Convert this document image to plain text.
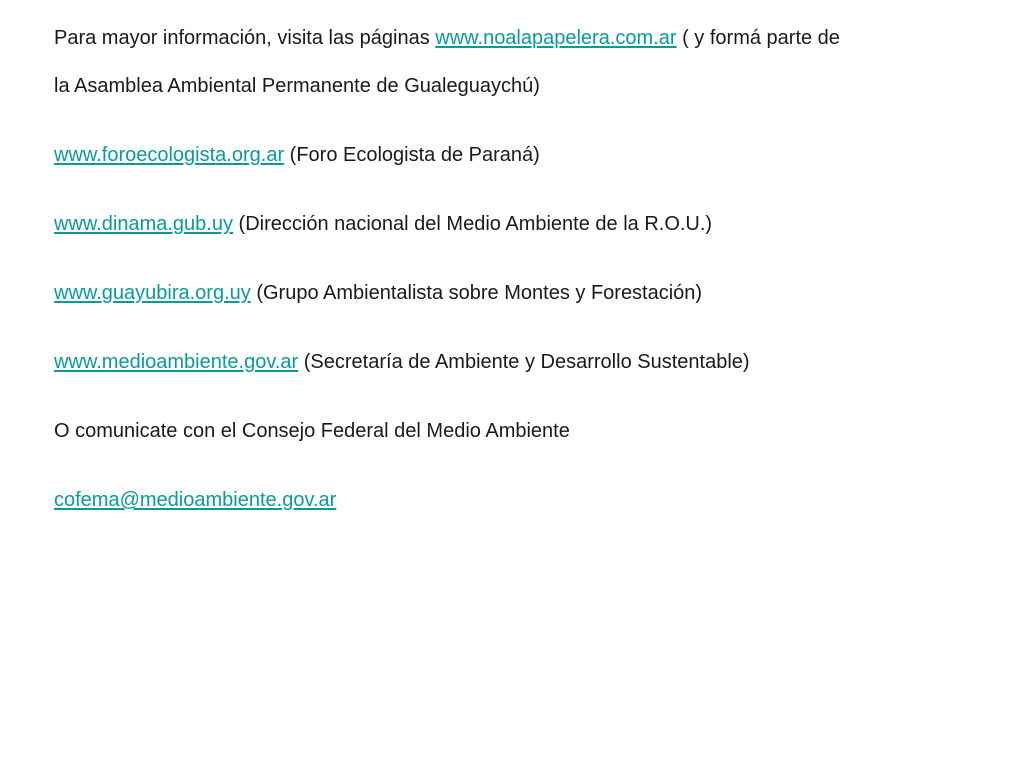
Para mayor información, visita las páginas www.noalapapelera.com.ar ( y formá parte de

la Asamblea Ambiental Permanente de Gualeguaychú)

www.foroecologista.org.ar (Foro Ecologista de Paraná)

www.dinama.gub.uy (Dirección nacional del Medio Ambiente de la R.O.U.)

www.guayubira.org.uy (Grupo Ambientalista sobre Montes y Forestación)

www.medioambiente.gov.ar (Secretaría de Ambiente y Desarrollo Sustentable)

O comunicate con el Consejo Federal del Medio Ambiente

cofema@medioambiente.gov.ar
